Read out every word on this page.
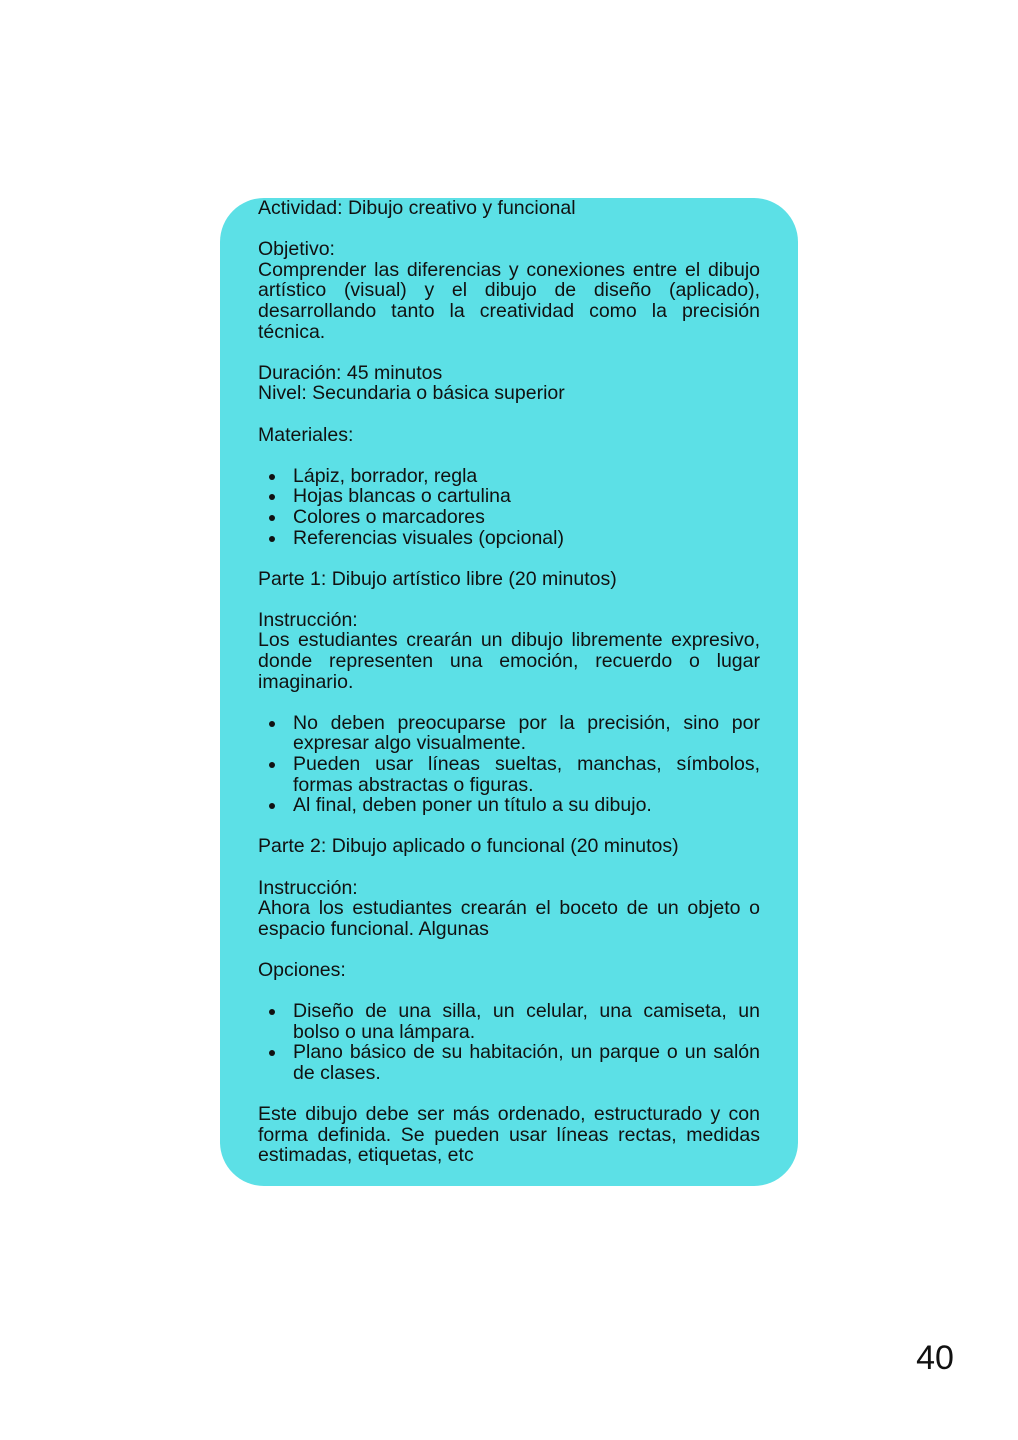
Actividad: Dibujo creativo y funcional

Objetivo:

Comprender las diferencias y conexiones entre el dibujo artístico (visual) y el dibujo de diseño (aplicado), desarrollando tanto la creatividad como la precisión técnica.

Duración: 45 minutos

Nivel: Secundaria o básica superior

Materiales:

Lápiz, borrador, regla
Hojas blancas o cartulina
Colores o marcadores
Referencias visuales (opcional)

Parte 1: Dibujo artístico libre (20 minutos)

Instrucción:

Los estudiantes crearán un dibujo libremente expresivo, donde representen una emoción, recuerdo o lugar imaginario.

No deben preocuparse por la precisión, sino por expresar algo visualmente.
Pueden usar líneas sueltas, manchas, símbolos, formas abstractas o figuras.
Al final, deben poner un título a su dibujo.

Parte 2: Dibujo aplicado o funcional (20 minutos)

Instrucción:

Ahora los estudiantes crearán el boceto de un objeto o espacio funcional. Algunas

Opciones:

Diseño de una silla, un celular, una camiseta, un bolso o una lámpara.
Plano básico de su habitación, un parque o un salón de clases.

Este dibujo debe ser más ordenado, estructurado y con forma definida. Se pueden usar líneas rectas, medidas estimadas, etiquetas, etc

40
